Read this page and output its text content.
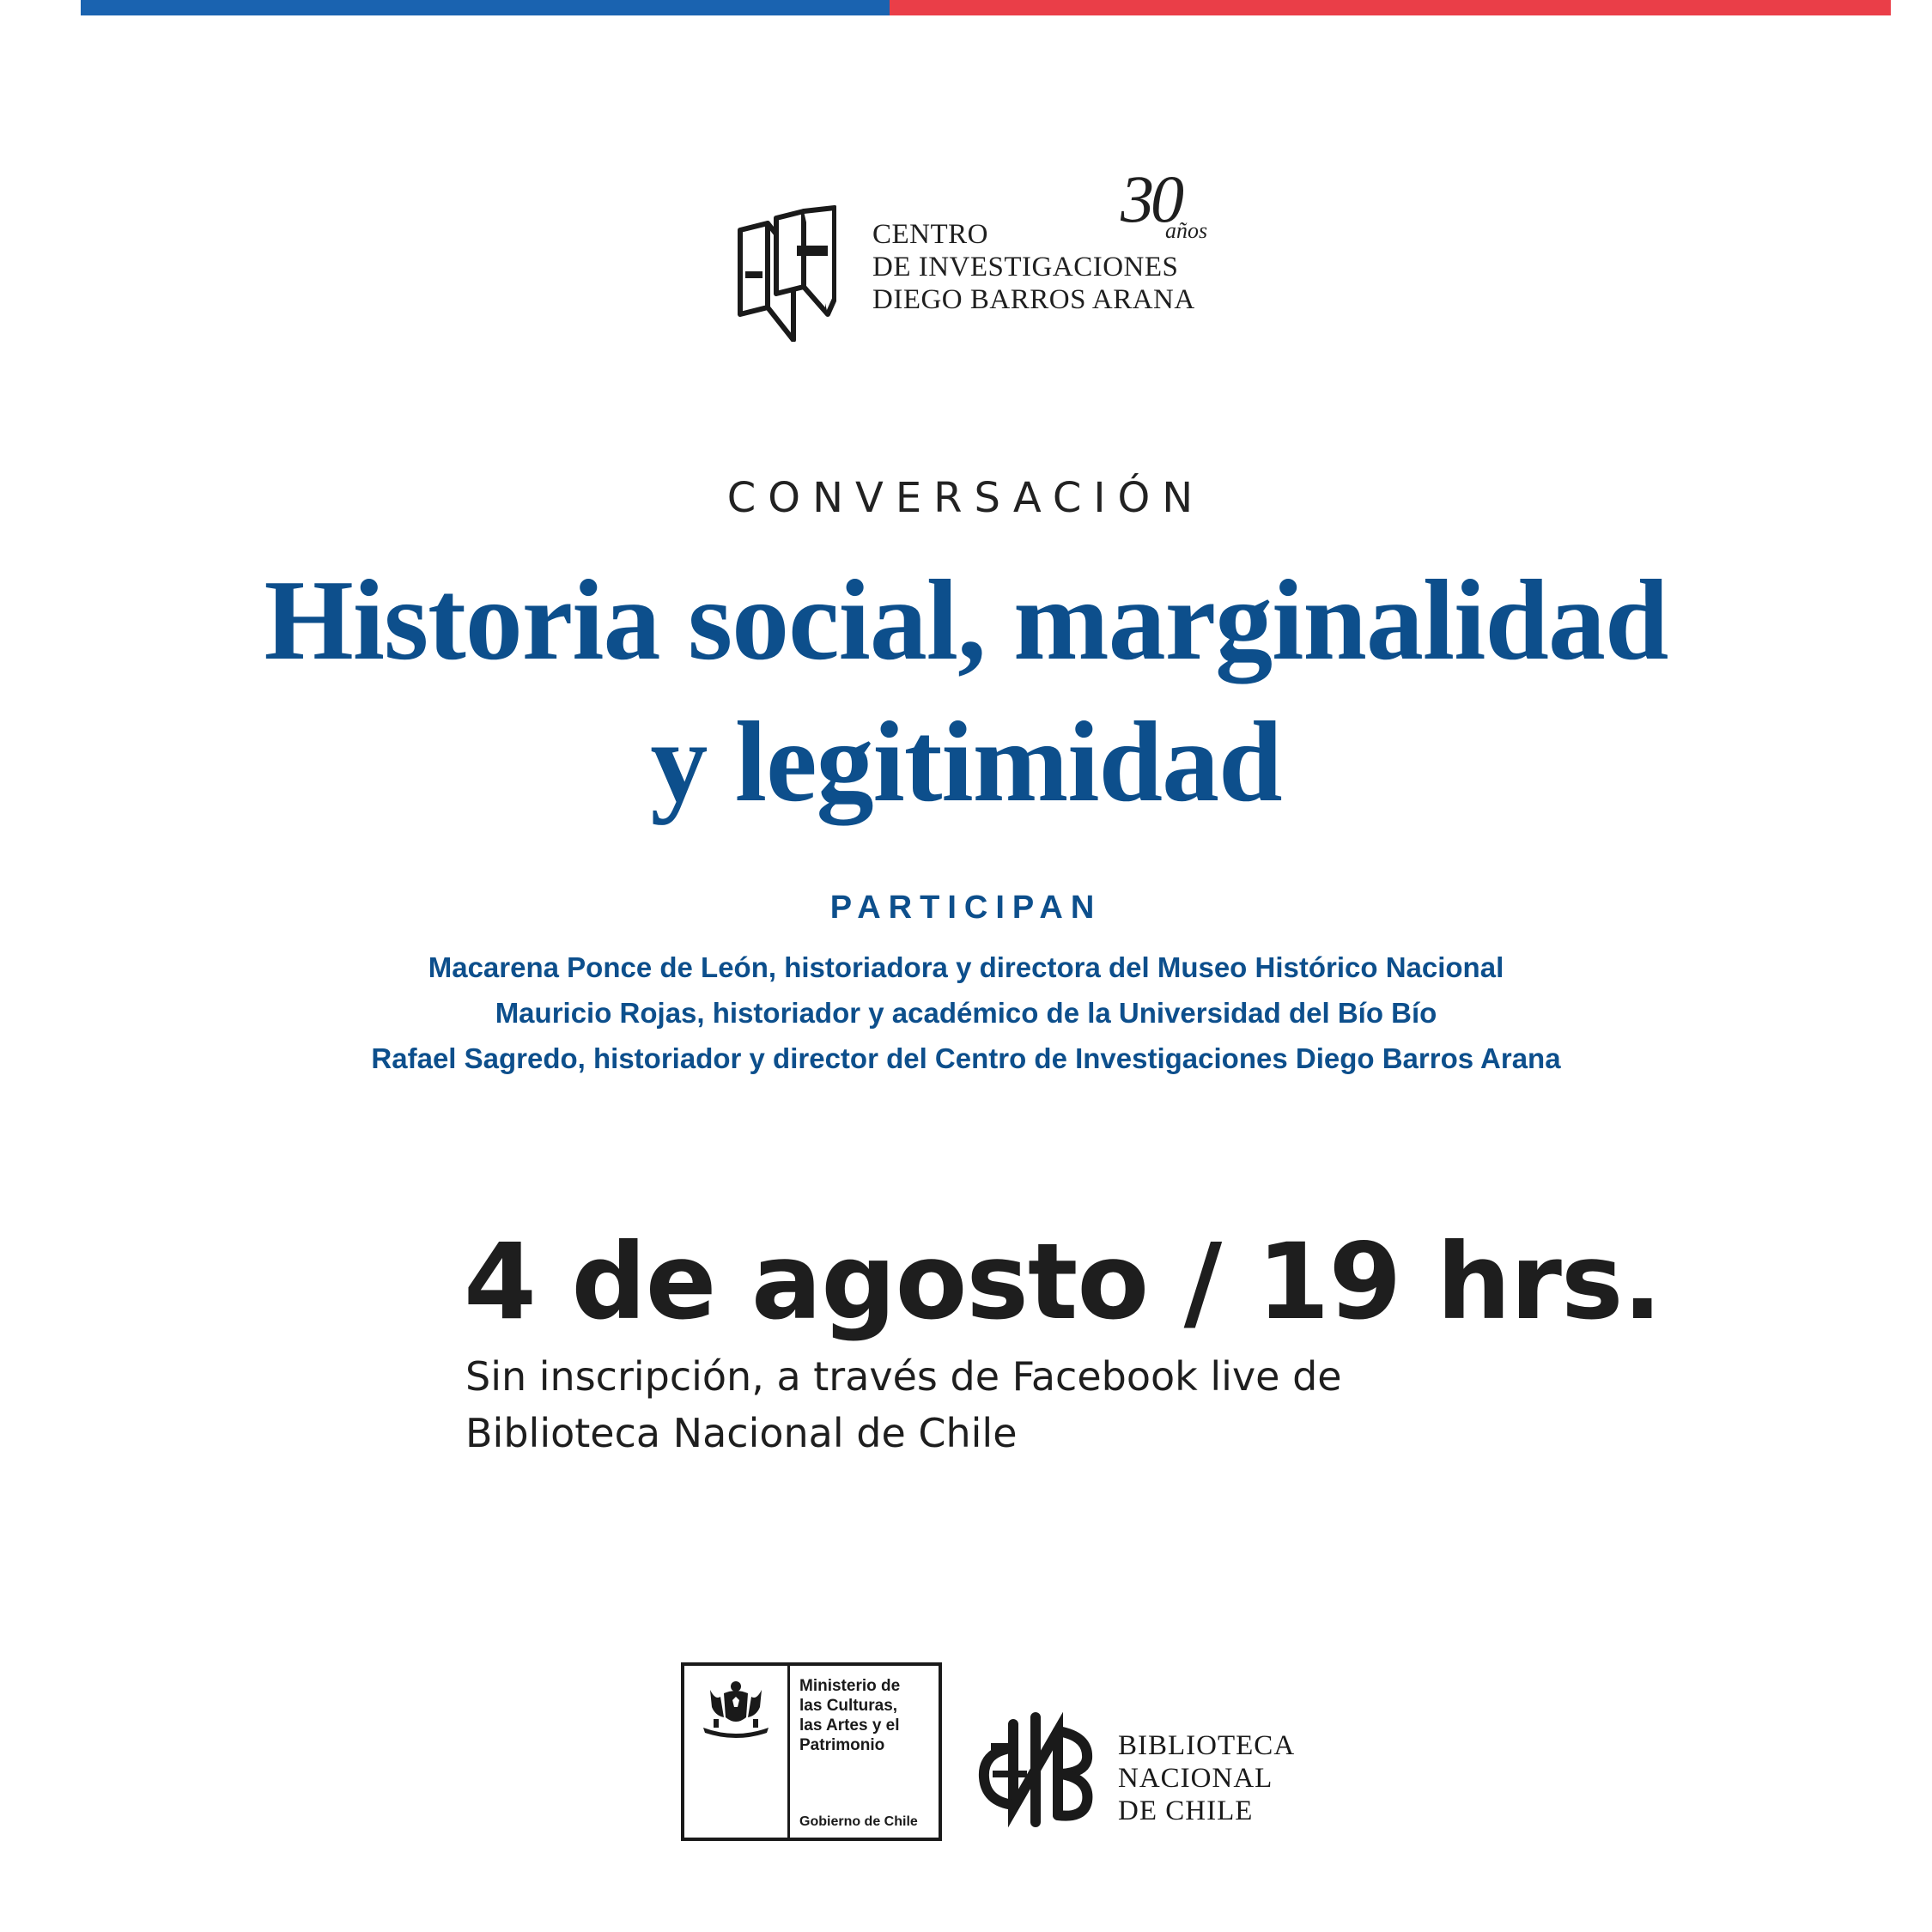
CENTRO
DE INVESTIGACIONES
DIEGO BARROS ARANA
30
años
CONVERSACIÓN
Historia social, marginalidad
y legitimidad
PARTICIPAN
Macarena Ponce de León, historiadora y directora del Museo Histórico Nacional
Mauricio Rojas, historiador y académico de la Universidad del Bío Bío
Rafael Sagredo, historiador y director del Centro de Investigaciones Diego Barros Arana
4 de agosto / 19 hrs.
Sin inscripción, a través de Facebook live de
Biblioteca Nacional de Chile
Ministerio de
las Culturas,
las Artes y el
Patrimonio
Gobierno de Chile
BIBLIOTECA
NACIONAL
DE CHILE
